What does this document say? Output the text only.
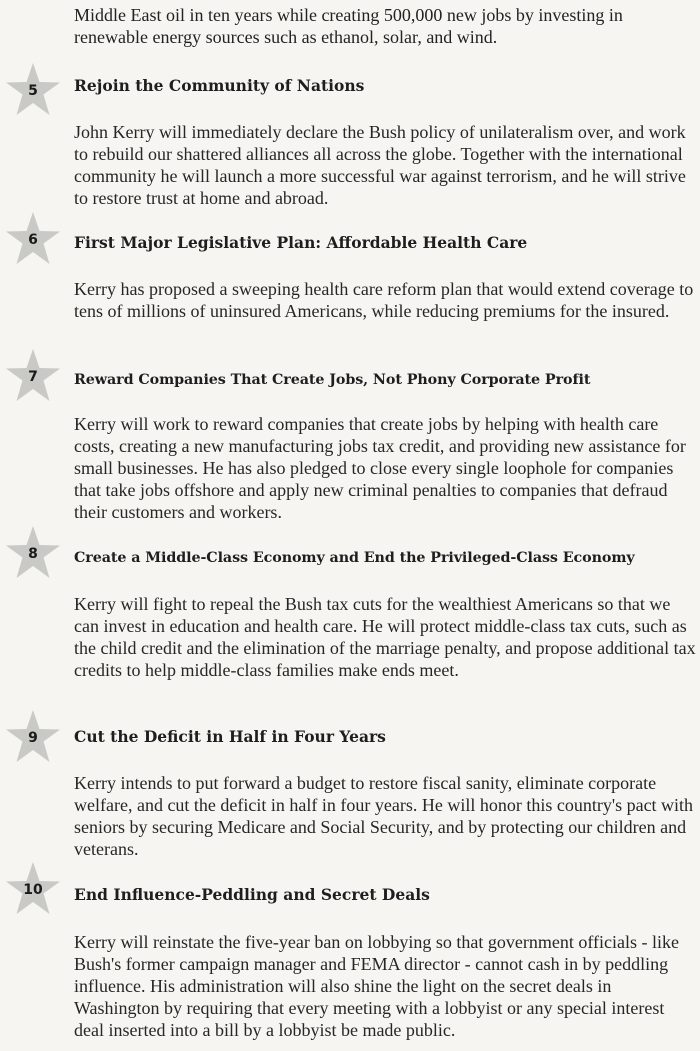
Middle East oil in ten years while creating 500,000 new jobs by investing in renewable energy sources such as ethanol, solar, and wind.

5 Rejoin the Community of Nations

John Kerry will immediately declare the Bush policy of unilateralism over, and work to rebuild our shattered alliances all across the globe. Together with the international community he will launch a more successful war against terrorism, and he will strive to restore trust at home and abroad.

6 First Major Legislative Plan: Affordable Health Care

Kerry has proposed a sweeping health care reform plan that would extend coverage to tens of millions of uninsured Americans, while reducing premiums for the insured.

7	Reward Companies That Create Jobs, Not Phony Corporate Profit

Kerry will work to reward companies that create jobs by helping with health care costs, creating a new manufacturing jobs tax credit, and providing new assistance for small businesses. He has also pledged to close every single loophole for companies that take jobs offshore and apply new criminal penalties to companies that defraud their customers and workers.

8	Create a Middle-Class Economy and End the Privileged-Class Economy

Kerry will fight to repeal the Bush tax cuts for the wealthiest Americans so that we can invest in education and health care. He will protect middle-class tax cuts, such as the child credit and the elimination of the marriage penalty, and propose additional tax credits to help middle-class families make ends meet.

9 Cut the Deficit in Half in Four Years

Kerry intends to put forward a budget to restore fiscal sanity, eliminate corporate welfare, and cut the deficit in half in four years. He will honor this country's pact with seniors by securing Medicare and Social Security, and by protecting our children and veterans.

10 End Influence-Peddling and Secret Deals

Kerry will reinstate the five-year ban on lobbying so that government officials - like Bush's former campaign manager and FEMA director - cannot cash in by peddling influence. His administration will also shine the light on the secret deals in Washington by requiring that every meeting with a lobbyist or any special interest deal inserted into a bill by a lobbyist be made public.
